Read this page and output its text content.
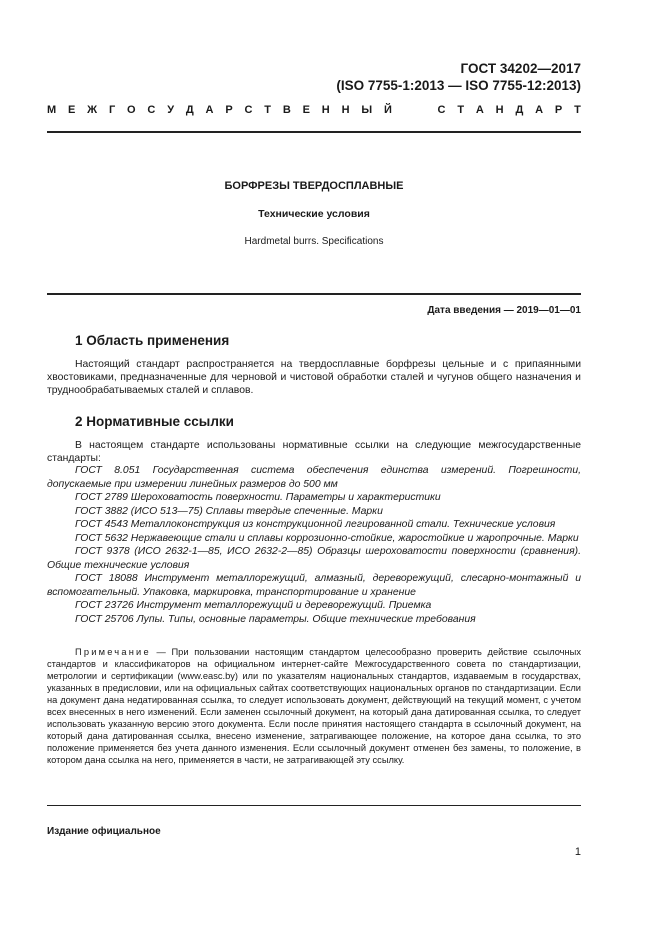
ГОСТ 34202—2017
(ISO 7755-1:2013 — ISO 7755-12:2013)
М Е Ж Г О С У Д А Р С Т В Е Н Н Ы Й	С Т А Н Д А Р Т
БОРФРЕЗЫ ТВЕРДОСПЛАВНЫЕ
Технические условия
Hardmetal burrs. Specifications
Дата введения — 2019—01—01
1 Область применения

Настоящий стандарт распространяется на твердосплавные борфрезы цельные и с припаянными хвостовиками, предназначенные для черновой и чистовой обработки сталей и чугунов общего назначения и труднообрабатываемых сталей и сплавов.

2 Нормативные ссылки

В настоящем стандарте использованы нормативные ссылки на следующие межгосударственные стандарты:

ГОСТ 8.051 Государственная система обеспечения единства измерений. Погрешности, допускаемые при измерении линейных размеров до 500 мм

ГОСТ 2789 Шероховатость поверхности. Параметры и характеристики

ГОСТ 3882 (ИСО 513—75) Сплавы твердые спеченные. Марки

ГОСТ 4543 Металлоконструкция из конструкционной легированной стали. Технические условия

ГОСТ 5632 Нержавеющие стали и сплавы коррозионно-стойкие, жаростойкие и жаропрочные. Марки

ГОСТ 9378 (ИСО 2632-1—85, ИСО 2632-2—85) Образцы шероховатости поверхности (сравнения). Общие технические условия

ГОСТ 18088 Инструмент металлорежущий, алмазный, дереворежущий, слесарно-монтажный и вспомогательный. Упаковка, маркировка, транспортирование и хранение

ГОСТ 23726 Инструмент металлорежущий и дереворежущий. Приемка

ГОСТ 25706 Лупы. Типы, основные параметры. Общие технические требования

Примечание — При пользовании настоящим стандартом целесообразно проверить действие ссылочных стандартов и классификаторов на официальном интернет-сайте Межгосударственного совета по стандартизации, метрологии и сертификации (www.easc.by) или по указателям национальных стандартов, издаваемым в государствах, указанных в предисловии, или на официальных сайтах соответствующих национальных органов по стандартизации. Если на документ дана недатированная ссылка, то следует использовать документ, действующий на текущий момент, с учетом всех внесенных в него изменений. Если заменен ссылочный документ, на который дана датированная ссылка, то следует использовать указанную версию этого документа. Если после принятия настоящего стандарта в ссылочный документ, на который дана датированная ссылка, внесено изменение, затрагивающее положение, на которое дана ссылка, то это положение применяется без учета данного изменения. Если ссылочный документ отменен без замены, то положение, в котором дана ссылка на него, применяется в части, не затрагивающей эту ссылку.

Издание официальное
1
